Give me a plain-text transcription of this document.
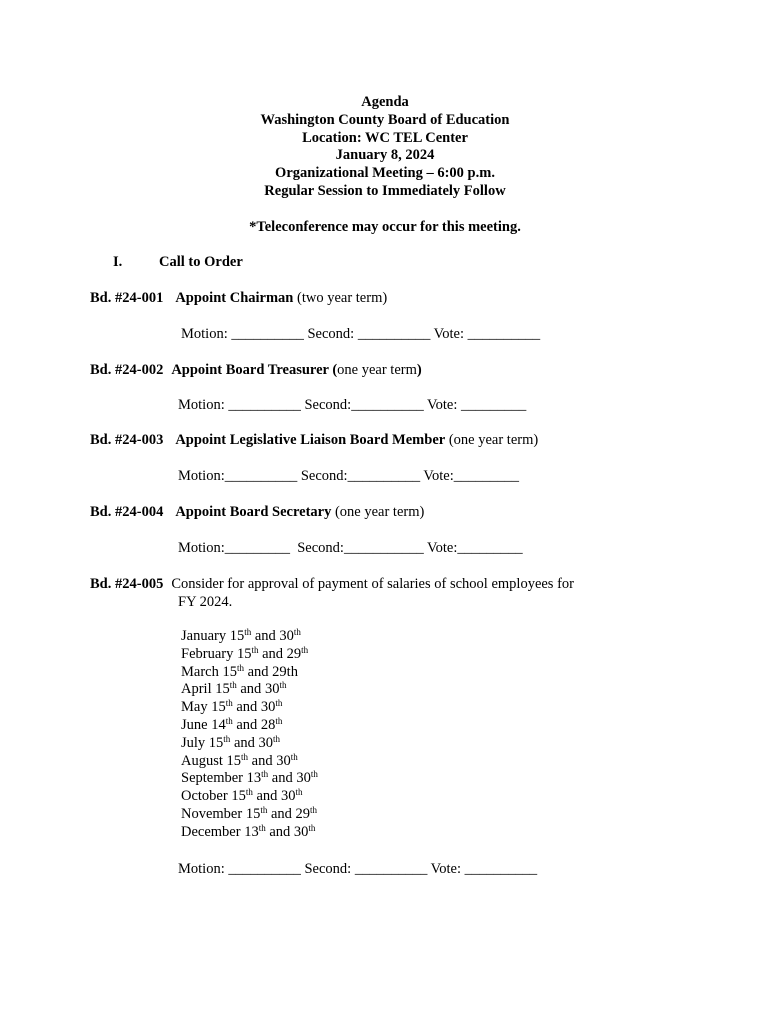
Agenda
Washington County Board of Education
Location: WC TEL Center
January 8, 2024
Organizational Meeting – 6:00 p.m.
Regular Session to Immediately Follow
*Teleconference may occur for this meeting.
I.	Call to Order
Bd. #24-001 Appoint Chairman (two year term)
Motion: __________ Second: __________ Vote: __________
Bd. #24-002 Appoint Board Treasurer (one year term)
Motion: __________ Second:__________ Vote: _________
Bd. #24-003 Appoint Legislative Liaison Board Member (one year term)
Motion:__________ Second:__________ Vote:_________
Bd. #24-004 Appoint Board Secretary (one year term)
Motion:_________  Second:___________ Vote:_________
Bd. #24-005 Consider for approval of payment of salaries of school employees for
FY 2024.
January 15th and 30th
February 15th and 29th
March 15th and 29th
April 15th and 30th
May 15th and 30th
June 14th and 28th
July 15th and 30th
August 15th and 30th
September 13th and 30th
October 15th and 30th
November 15th and 29th
December 13th and 30th
Motion: __________ Second: __________ Vote: __________
